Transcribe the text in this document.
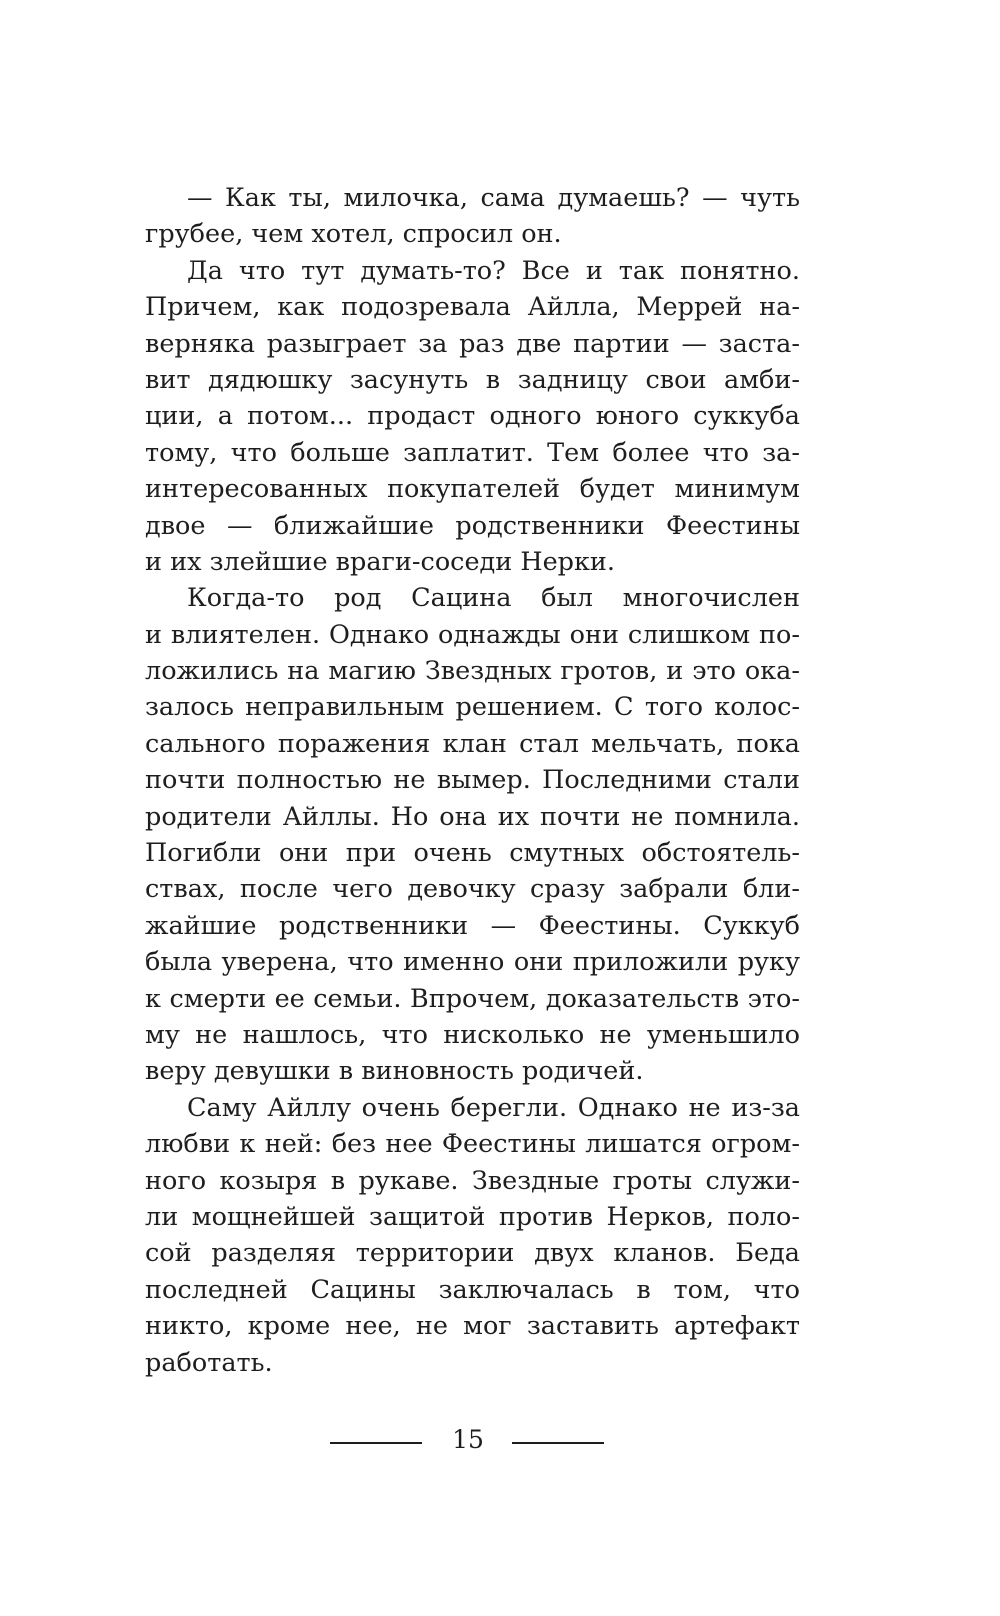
— Как ты, милочка, сама думаешь? — чуть
грубее, чем хотел, спросил он.
Да что тут думать-то? Все и так понятно.
Причем, как подозревала Айлла, Меррей на-
верняка разыграет за раз две партии — заста-
вит дядюшку засунуть в задницу свои амби-
ции, а потом... продаст одного юного суккуба
тому, что больше заплатит. Тем более что за-
интересованных покупателей будет минимум
двое — ближайшие родственники Феестины
и их злейшие враги-соседи Нерки.
Когда-то род Сацина был многочислен
и влиятелен. Однако однажды они слишком по-
ложились на магию Звездных гротов, и это ока-
залось неправильным решением. С того колос-
сального поражения клан стал мельчать, пока
почти полностью не вымер. Последними стали
родители Айллы. Но она их почти не помнила.
Погибли они при очень смутных обстоятель-
ствах, после чего девочку сразу забрали бли-
жайшие родственники — Феестины. Суккуб
была уверена, что именно они приложили руку
к смерти ее семьи. Впрочем, доказательств это-
му не нашлось, что нисколько не уменьшило
веру девушки в виновность родичей.
Саму Айллу очень берегли. Однако не из-за
любви к ней: без нее Феестины лишатся огром-
ного козыря в рукаве. Звездные гроты служи-
ли мощнейшей защитой против Нерков, поло-
сой разделяя территории двух кланов. Беда
последней Сацины заключалась в том, что
никто, кроме нее, не мог заставить артефакт
работать.
15
